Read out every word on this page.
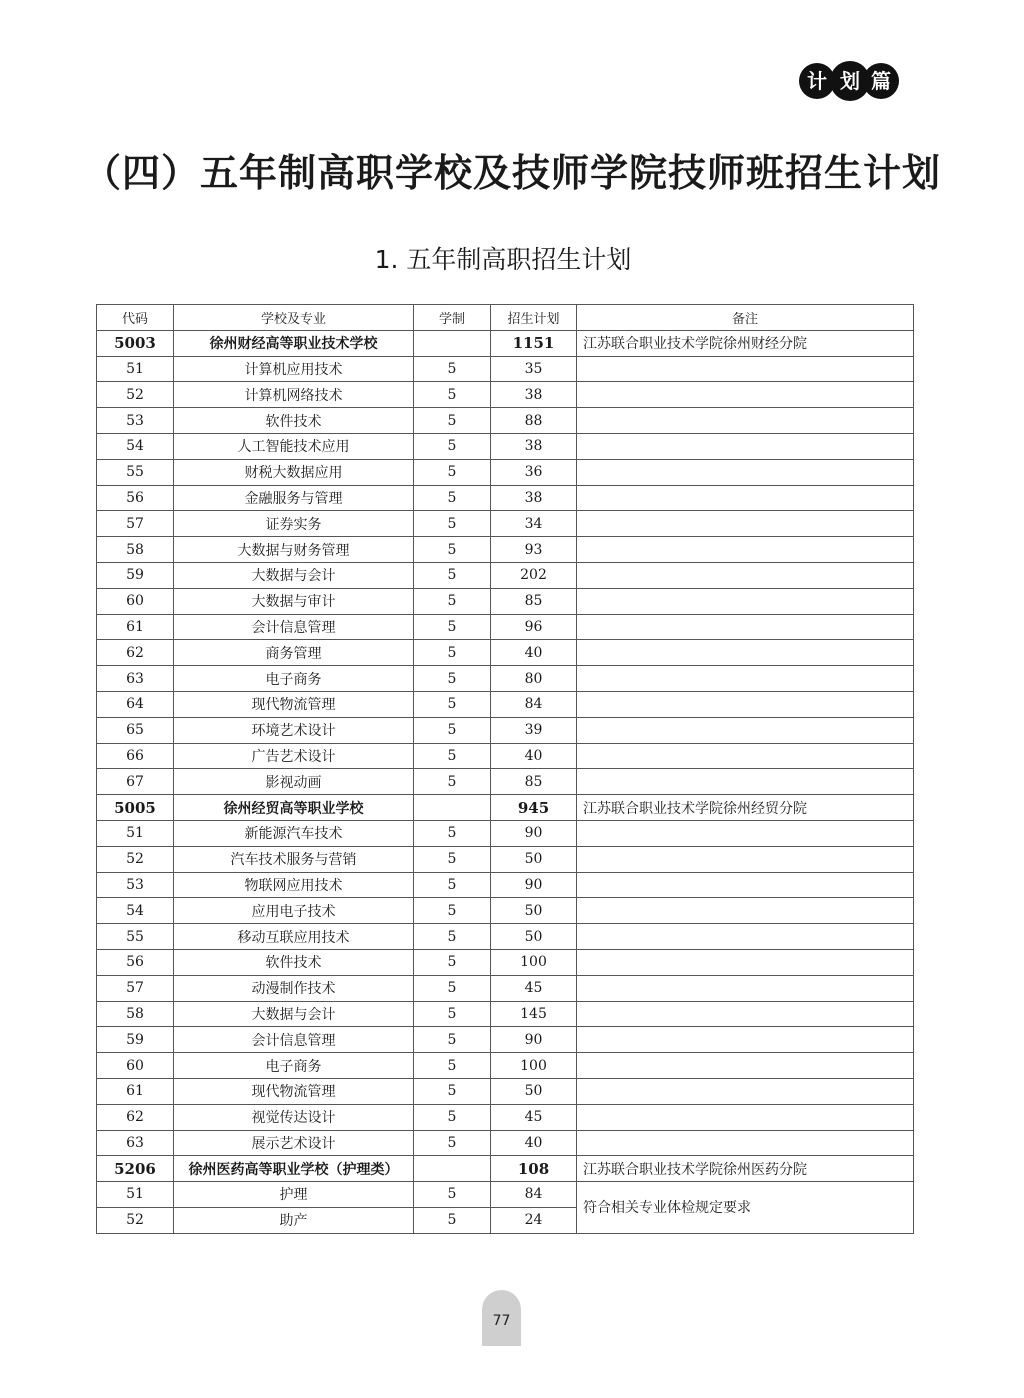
计 划 篇
（四）五年制高职学校及技师学院技师班招生计划
1. 五年制高职招生计划
代码	学校及专业	学制	招生计划	备注
5003	徐州财经高等职业技术学校		1151	江苏联合职业技术学院徐州财经分院
51	计算机应用技术	5	35	
52	计算机网络技术	5	38	
53	软件技术	5	88	
54	人工智能技术应用	5	38	
55	财税大数据应用	5	36	
56	金融服务与管理	5	38	
57	证券实务	5	34	
58	大数据与财务管理	5	93	
59	大数据与会计	5	202	
60	大数据与审计	5	85	
61	会计信息管理	5	96	
62	商务管理	5	40	
63	电子商务	5	80	
64	现代物流管理	5	84	
65	环境艺术设计	5	39	
66	广告艺术设计	5	40	
67	影视动画	5	85	
5005	徐州经贸高等职业学校		945	江苏联合职业技术学院徐州经贸分院
51	新能源汽车技术	5	90	
52	汽车技术服务与营销	5	50	
53	物联网应用技术	5	90	
54	应用电子技术	5	50	
55	移动互联应用技术	5	50	
56	软件技术	5	100	
57	动漫制作技术	5	45	
58	大数据与会计	5	145	
59	会计信息管理	5	90	
60	电子商务	5	100	
61	现代物流管理	5	50	
62	视觉传达设计	5	45	
63	展示艺术设计	5	40	
5206	徐州医药高等职业学校（护理类）		108	江苏联合职业技术学院徐州医药分院
51	护理	5	84	符合相关专业体检规定要求
52	助产	5	24	
77
